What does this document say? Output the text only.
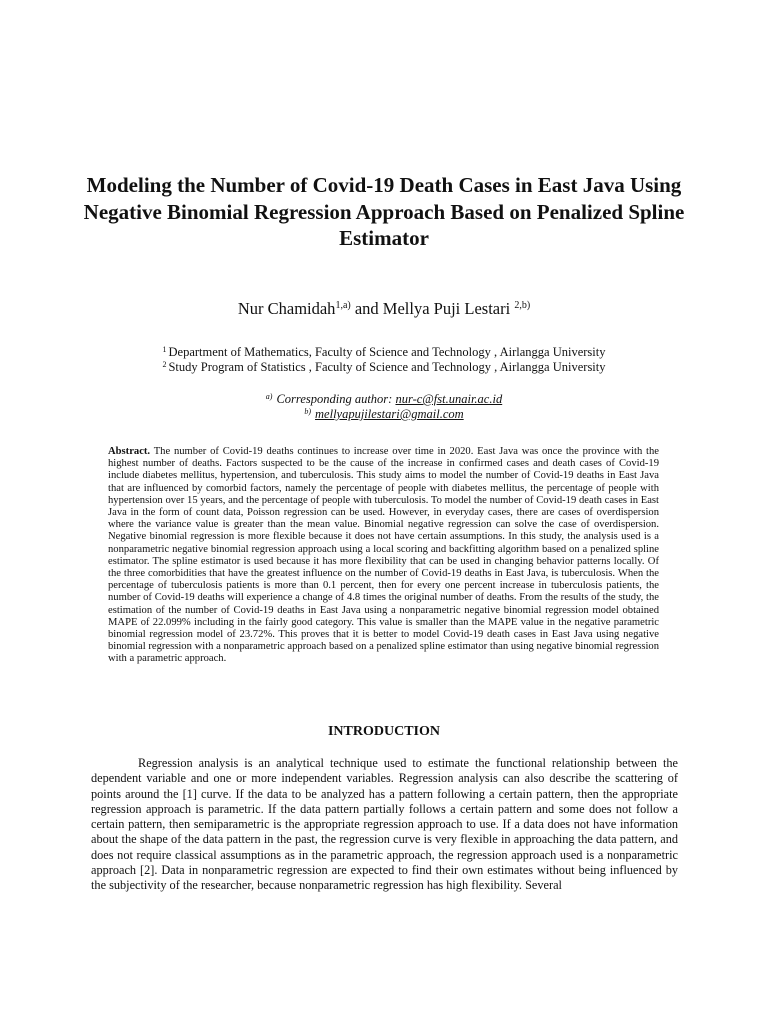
Modeling the Number of Covid-19 Death Cases in East Java Using Negative Binomial Regression Approach Based on Penalized Spline Estimator
Nur Chamidah$^{1,a)}$ and Mellya Puji Lestari $^{2,b)}$
$^1$ Department of Mathematics, Faculty of Science and Technology , Airlangga University
$^2$ Study Program of Statistics , Faculty of Science and Technology , Airlangga University
$^{a)}$ Corresponding author: nur-c@fst.unair.ac.id
$^{b)}$ mellyapujilestari@gmail.com

Abstract. The number of Covid-19 deaths continues to increase over time in 2020. East Java was once the province with the highest number of deaths. Factors suspected to be the cause of the increase in confirmed cases and death cases of Covid-19 include diabetes mellitus, hypertension, and tuberculosis. This study aims to model the number of Covid-19 deaths in East Java that are influenced by comorbid factors, namely the percentage of people with diabetes mellitus, the percentage of people with hypertension over 15 years, and the percentage of people with tuberculosis. To model the number of Covid-19 death cases in East Java in the form of count data, Poisson regression can be used. However, in everyday cases, there are cases of overdispersion where the variance value is greater than the mean value. Binomial negative regression can solve the case of overdispersion. Negative binomial regression is more flexible because it does not have certain assumptions. In this study, the analysis used is a nonparametric negative binomial regression approach using a local scoring and backfitting algorithm based on a penalized spline estimator. The spline estimator is used because it has more flexibility that can be used in changing behavior patterns locally. Of the three comorbidities that have the greatest influence on the number of Covid-19 deaths in East Java, is tuberculosis. When the percentage of tuberculosis patients is more than 0.1 percent, then for every one percent increase in tuberculosis patients, the number of Covid-19 deaths will experience a change of 4.8 times the original number of deaths. From the results of the study, the estimation of the number of Covid-19 deaths in East Java using a nonparametric negative binomial regression model obtained MAPE of 22.099% including in the fairly good category. This value is smaller than the MAPE value in the negative parametric binomial regression model of 23.72%. This proves that it is better to model Covid-19 death cases in East Java using negative binomial regression with a nonparametric approach based on a penalized spline estimator than using negative binomial regression with a parametric approach.

INTRODUCTION

Regression analysis is an analytical technique used to estimate the functional relationship between the dependent variable and one or more independent variables. Regression analysis can also describe the scattering of points around the [1] curve. If the data to be analyzed has a pattern following a certain pattern, then the appropriate regression approach is parametric. If the data pattern partially follows a certain pattern and some does not follow a certain pattern, then semiparametric is the appropriate regression approach to use. If a data does not have information about the shape of the data pattern in the past, the regression curve is very flexible in approaching the data pattern, and does not require classical assumptions as in the parametric approach, the regression approach used is a nonparametric approach [2]. Data in nonparametric regression are expected to find their own estimates without being influenced by the subjectivity of the researcher, because nonparametric regression has high flexibility. Several
